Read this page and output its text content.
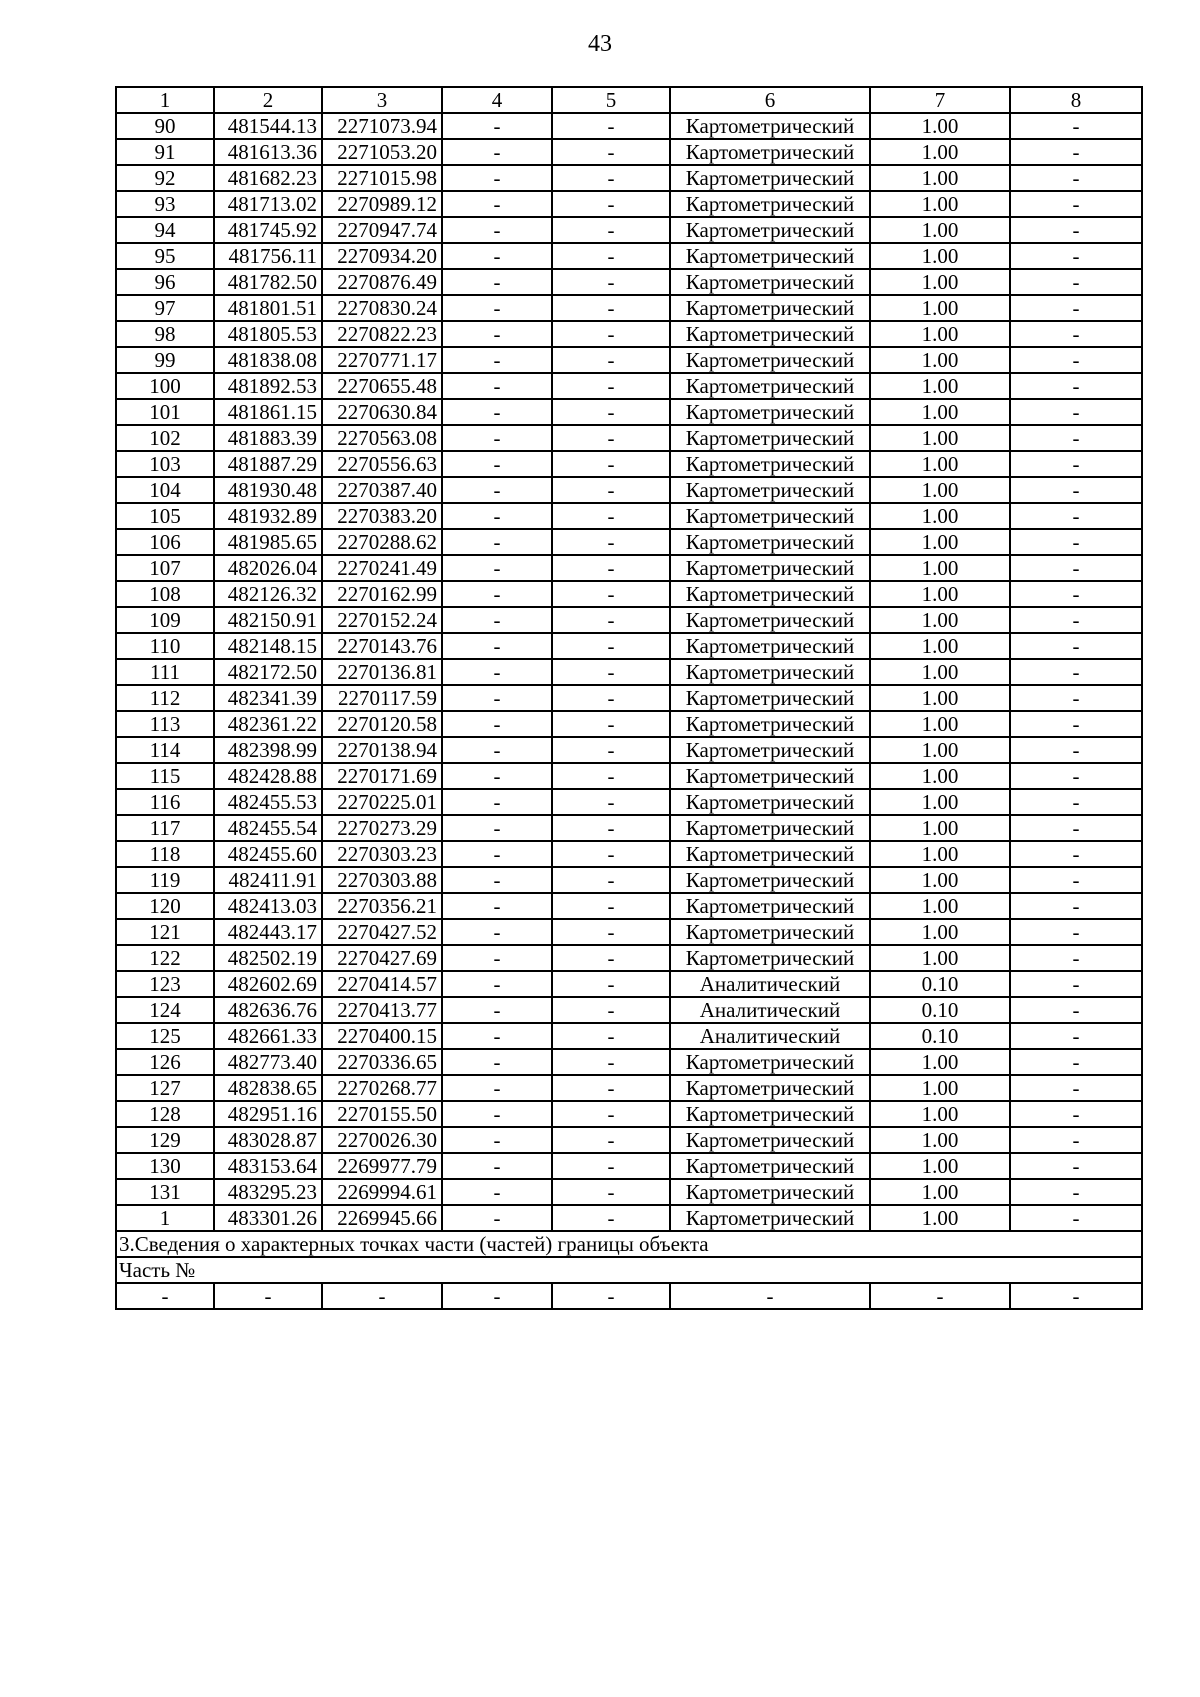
43
1	2	3	4	5	6	7	8
90	481544.13	2271073.94	-	-	Картометрический	1.00	-
91	481613.36	2271053.20	-	-	Картометрический	1.00	-
92	481682.23	2271015.98	-	-	Картометрический	1.00	-
93	481713.02	2270989.12	-	-	Картометрический	1.00	-
94	481745.92	2270947.74	-	-	Картометрический	1.00	-
95	481756.11	2270934.20	-	-	Картометрический	1.00	-
96	481782.50	2270876.49	-	-	Картометрический	1.00	-
97	481801.51	2270830.24	-	-	Картометрический	1.00	-
98	481805.53	2270822.23	-	-	Картометрический	1.00	-
99	481838.08	2270771.17	-	-	Картометрический	1.00	-
100	481892.53	2270655.48	-	-	Картометрический	1.00	-
101	481861.15	2270630.84	-	-	Картометрический	1.00	-
102	481883.39	2270563.08	-	-	Картометрический	1.00	-
103	481887.29	2270556.63	-	-	Картометрический	1.00	-
104	481930.48	2270387.40	-	-	Картометрический	1.00	-
105	481932.89	2270383.20	-	-	Картометрический	1.00	-
106	481985.65	2270288.62	-	-	Картометрический	1.00	-
107	482026.04	2270241.49	-	-	Картометрический	1.00	-
108	482126.32	2270162.99	-	-	Картометрический	1.00	-
109	482150.91	2270152.24	-	-	Картометрический	1.00	-
110	482148.15	2270143.76	-	-	Картометрический	1.00	-
111	482172.50	2270136.81	-	-	Картометрический	1.00	-
112	482341.39	2270117.59	-	-	Картометрический	1.00	-
113	482361.22	2270120.58	-	-	Картометрический	1.00	-
114	482398.99	2270138.94	-	-	Картометрический	1.00	-
115	482428.88	2270171.69	-	-	Картометрический	1.00	-
116	482455.53	2270225.01	-	-	Картометрический	1.00	-
117	482455.54	2270273.29	-	-	Картометрический	1.00	-
118	482455.60	2270303.23	-	-	Картометрический	1.00	-
119	482411.91	2270303.88	-	-	Картометрический	1.00	-
120	482413.03	2270356.21	-	-	Картометрический	1.00	-
121	482443.17	2270427.52	-	-	Картометрический	1.00	-
122	482502.19	2270427.69	-	-	Картометрический	1.00	-
123	482602.69	2270414.57	-	-	Аналитический	0.10	-
124	482636.76	2270413.77	-	-	Аналитический	0.10	-
125	482661.33	2270400.15	-	-	Аналитический	0.10	-
126	482773.40	2270336.65	-	-	Картометрический	1.00	-
127	482838.65	2270268.77	-	-	Картометрический	1.00	-
128	482951.16	2270155.50	-	-	Картометрический	1.00	-
129	483028.87	2270026.30	-	-	Картометрический	1.00	-
130	483153.64	2269977.79	-	-	Картометрический	1.00	-
131	483295.23	2269994.61	-	-	Картометрический	1.00	-
1	483301.26	2269945.66	-	-	Картометрический	1.00	-
3.Сведения о характерных точках части (частей) границы объекта							
Часть №							
-	-	-	-	-	-	-	-
